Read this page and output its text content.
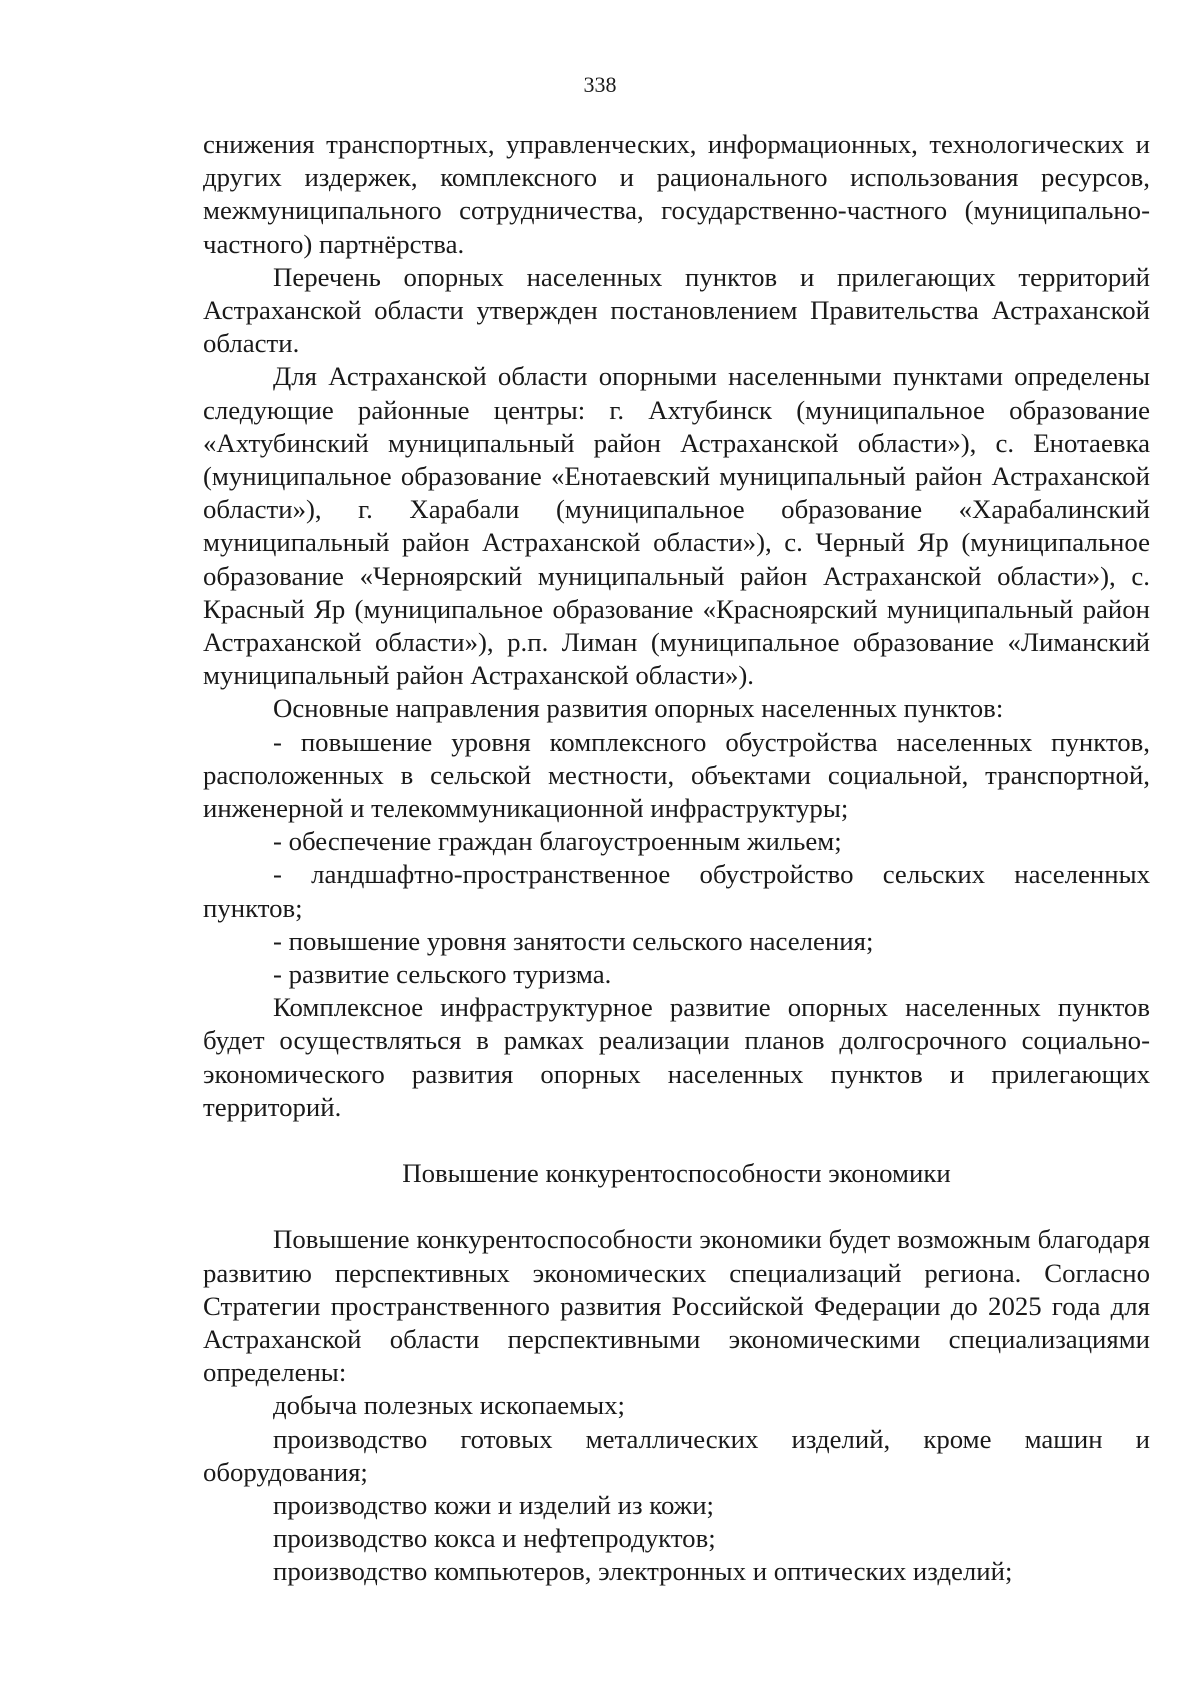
338

снижения транспортных, управленческих, информационных, технологических и других издержек, комплексного и рационального использования ресурсов, межмуниципального сотрудничества, государственно-частного (муниципально-частного) партнёрства.

Перечень опорных населенных пунктов и прилегающих территорий Астраханской области утвержден постановлением Правительства Астраханской области.

Для Астраханской области опорными населенными пунктами определены следующие районные центры: г. Ахтубинск (муниципальное образование «Ахтубинский муниципальный район Астраханской области»), с. Енотаевка (муниципальное образование «Енотаевский муниципальный район Астраханской области»), г. Харабали (муниципальное образование «Харабалинский муниципальный район Астраханской области»), с. Черный Яр (муниципальное образование «Черноярский муниципальный район Астраханской области»), с. Красный Яр (муниципальное образование «Красноярский муниципальный район Астраханской области»), р.п. Лиман (муниципальное образование «Лиманский муниципальный район Астраханской области»).

Основные направления развития опорных населенных пунктов:

- повышение уровня комплексного обустройства населенных пунктов, расположенных в сельской местности, объектами социальной, транспортной, инженерной и телекоммуникационной инфраструктуры;

- обеспечение граждан благоустроенным жильем;

- ландшафтно-пространственное обустройство сельских населенных пунктов;

- повышение уровня занятости сельского населения;

- развитие сельского туризма.

Комплексное инфраструктурное развитие опорных населенных пунктов будет осуществляться в рамках реализации планов долгосрочного социально-экономического развития опорных населенных пунктов и прилегающих территорий.

Повышение конкурентоспособности экономики

Повышение конкурентоспособности экономики будет возможным благодаря развитию перспективных экономических специализаций региона. Согласно Стратегии пространственного развития Российской Федерации до 2025 года для Астраханской области перспективными экономическими специализациями определены:

добыча полезных ископаемых;

производство готовых металлических изделий, кроме машин и оборудования;

производство кожи и изделий из кожи;

производство кокса и нефтепродуктов;

производство компьютеров, электронных и оптических изделий;
